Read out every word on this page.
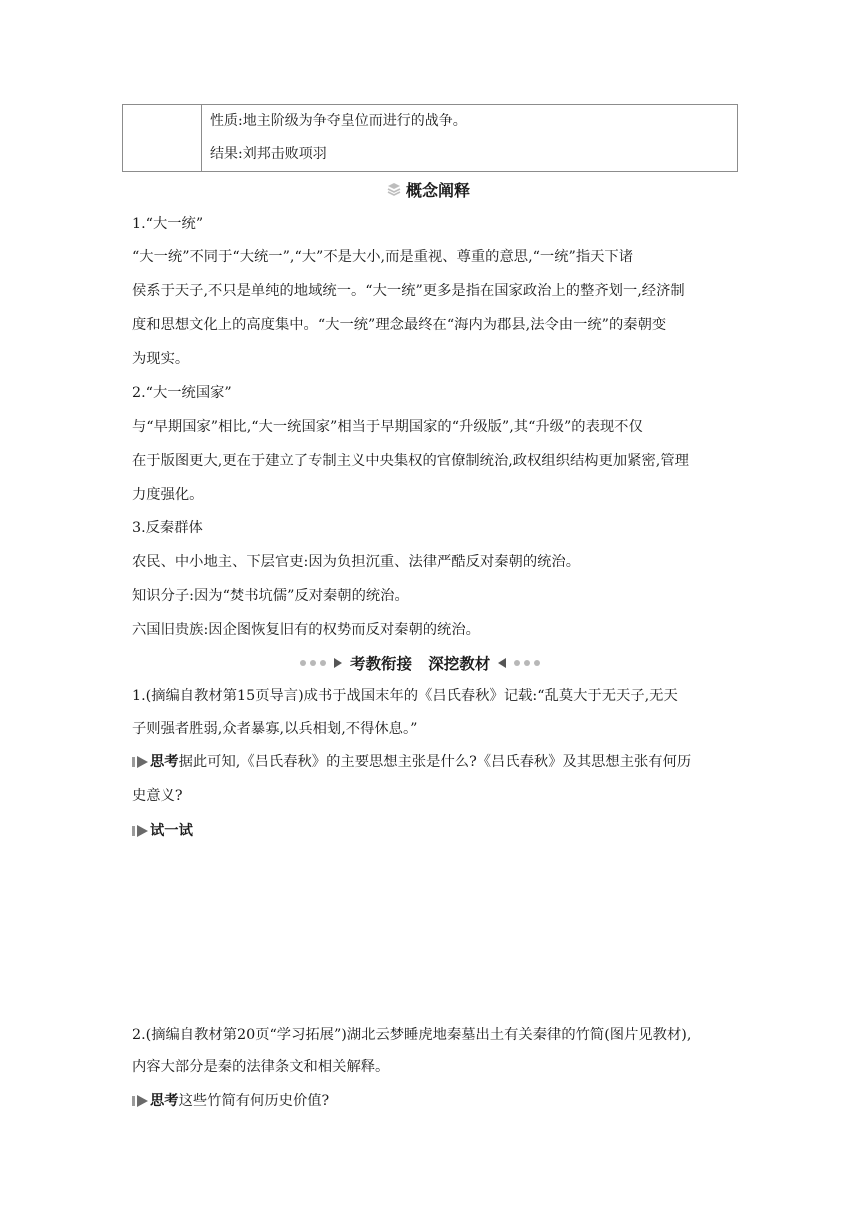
性质:地主阶级为争夺皇位而进行的战争。
结果:刘邦击败项羽
概念阐释
1.“大一统”
“大一统”不同于“大统一”,“大”不是大小,而是重视、尊重的意思,“一统”指天下诸
侯系于天子,不只是单纯的地域统一。“大一统”更多是指在国家政治上的整齐划一,经济制
度和思想文化上的高度集中。“大一统”理念最终在“海内为郡县,法令由一统”的秦朝变
为现实。
2.“大一统国家”
与“早期国家”相比,“大一统国家”相当于早期国家的“升级版”,其“升级”的表现不仅
在于版图更大,更在于建立了专制主义中央集权的官僚制统治,政权组织结构更加紧密,管理
力度强化。
3.反秦群体
农民、中小地主、下层官吏:因为负担沉重、法律严酷反对秦朝的统治。
知识分子:因为“焚书坑儒”反对秦朝的统治。
六国旧贵族:因企图恢复旧有的权势而反对秦朝的统治。
考教衔接   深挖教材
1.(摘编自教材第15页导言)成书于战国末年的《吕氏春秋》记载:“乱莫大于无天子,无天
子则强者胜弱,众者暴寡,以兵相刬,不得休息。”
思考据此可知,《吕氏春秋》的主要思想主张是什么?《吕氏春秋》及其思想主张有何历
史意义?
试一试
2.(摘编自教材第20页“学习拓展”)湖北云梦睡虎地秦墓出土有关秦律的竹简(图片见教材),
内容大部分是秦的法律条文和相关解释。
思考这些竹简有何历史价值?
